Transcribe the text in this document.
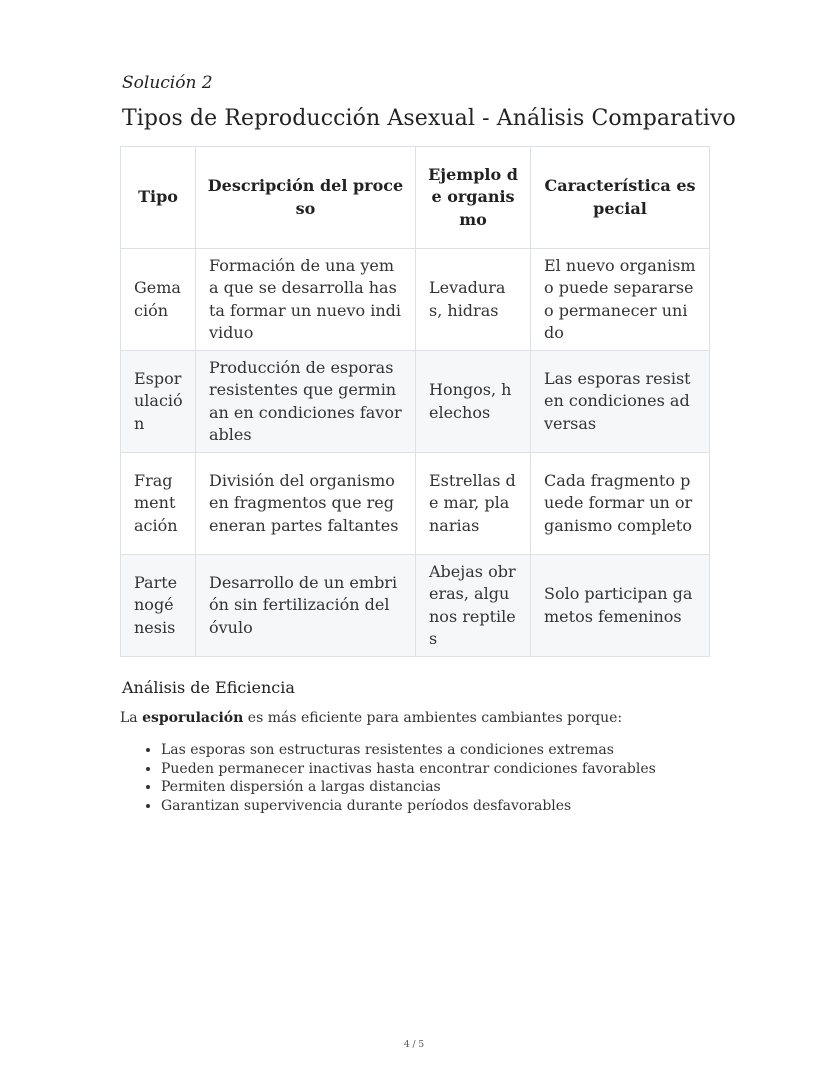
Solución 2
Tipos de Reproducción Asexual - Análisis Comparativo
Tipo	Descripción del proceso	Ejemplo de organismo	Característica especial
Gemación	Formación de una yema que se desarrolla hasta formar un nuevo individuo	Levaduras, hidras	El nuevo organismo puede separarse o permanecer unido
Esporulación	Producción de esporas resistentes que germinan en condiciones favorables	Hongos, helechos	Las esporas resisten condiciones adversas
Fragmentación	División del organismo en fragmentos que regeneran partes faltantes	Estrellas de mar, planarias	Cada fragmento puede formar un organismo completo
Partenogénesis	Desarrollo de un embrión sin fertilización del óvulo	Abejas obreras, algunos reptiles	Solo participan gametos femeninos
Análisis de Eficiencia

La esporulación es más eficiente para ambientes cambiantes porque:

• Las esporas son estructuras resistentes a condiciones extremas
• Pueden permanecer inactivas hasta encontrar condiciones favorables
• Permiten dispersión a largas distancias
• Garantizan supervivencia durante períodos desfavorables
4 / 5
